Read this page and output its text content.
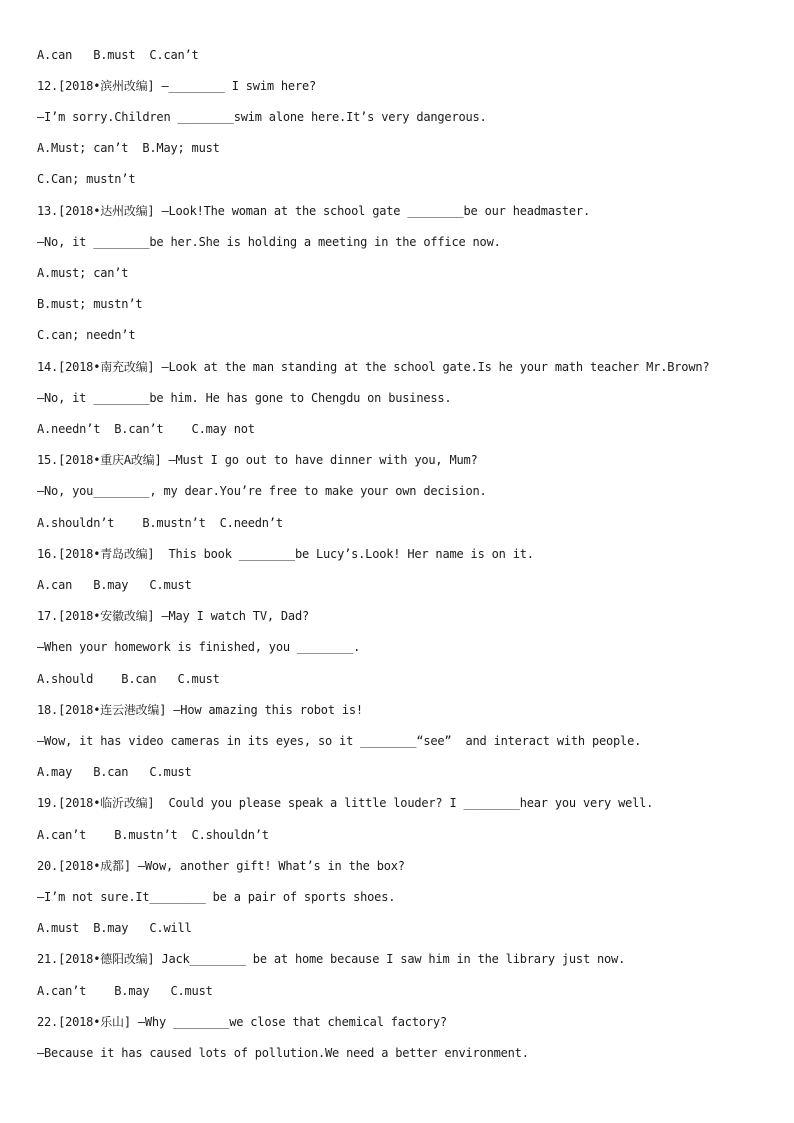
A.can   B.must  C.can’t
12.[2018•滨州改编] —________ I swim here?
—I’m sorry.Children ________swim alone here.It’s very dangerous.
A.Must; can’t  B.May; must
C.Can; mustn’t
13.[2018•达州改编] —Look!The woman at the school gate ________be our headmaster.
—No, it ________be her.She is holding a meeting in the office now.
A.must; can’t
B.must; mustn’t
C.can; needn’t
14.[2018•南充改编] —Look at the man standing at the school gate.Is he your math teacher Mr.Brown?
—No, it ________be him. He has gone to Chengdu on business.
A.needn’t  B.can’t    C.may not
15.[2018•重庆A改编] —Must I go out to have dinner with you, Mum?
—No, you________, my dear.You’re free to make your own decision.
A.shouldn’t    B.mustn’t  C.needn’t
16.[2018•青岛改编]  This book ________be Lucy’s.Look! Her name is on it.
A.can   B.may   C.must
17.[2018•安徽改编] —May I watch TV, Dad?
—When your homework is finished, you ________.
A.should    B.can   C.must
18.[2018•连云港改编] —How amazing this robot is!
—Wow, it has video cameras in its eyes, so it ________“see”  and interact with people.
A.may   B.can   C.must
19.[2018•临沂改编]  Could you please speak a little louder? I ________hear you very well.
A.can’t    B.mustn’t  C.shouldn’t
20.[2018•成都] —Wow, another gift! What’s in the box?
—I’m not sure.It________ be a pair of sports shoes.
A.must  B.may   C.will
21.[2018•德阳改编] Jack________ be at home because I saw him in the library just now.
A.can’t    B.may   C.must
22.[2018•乐山] —Why ________we close that chemical factory?
—Because it has caused lots of pollution.We need a better environment.
